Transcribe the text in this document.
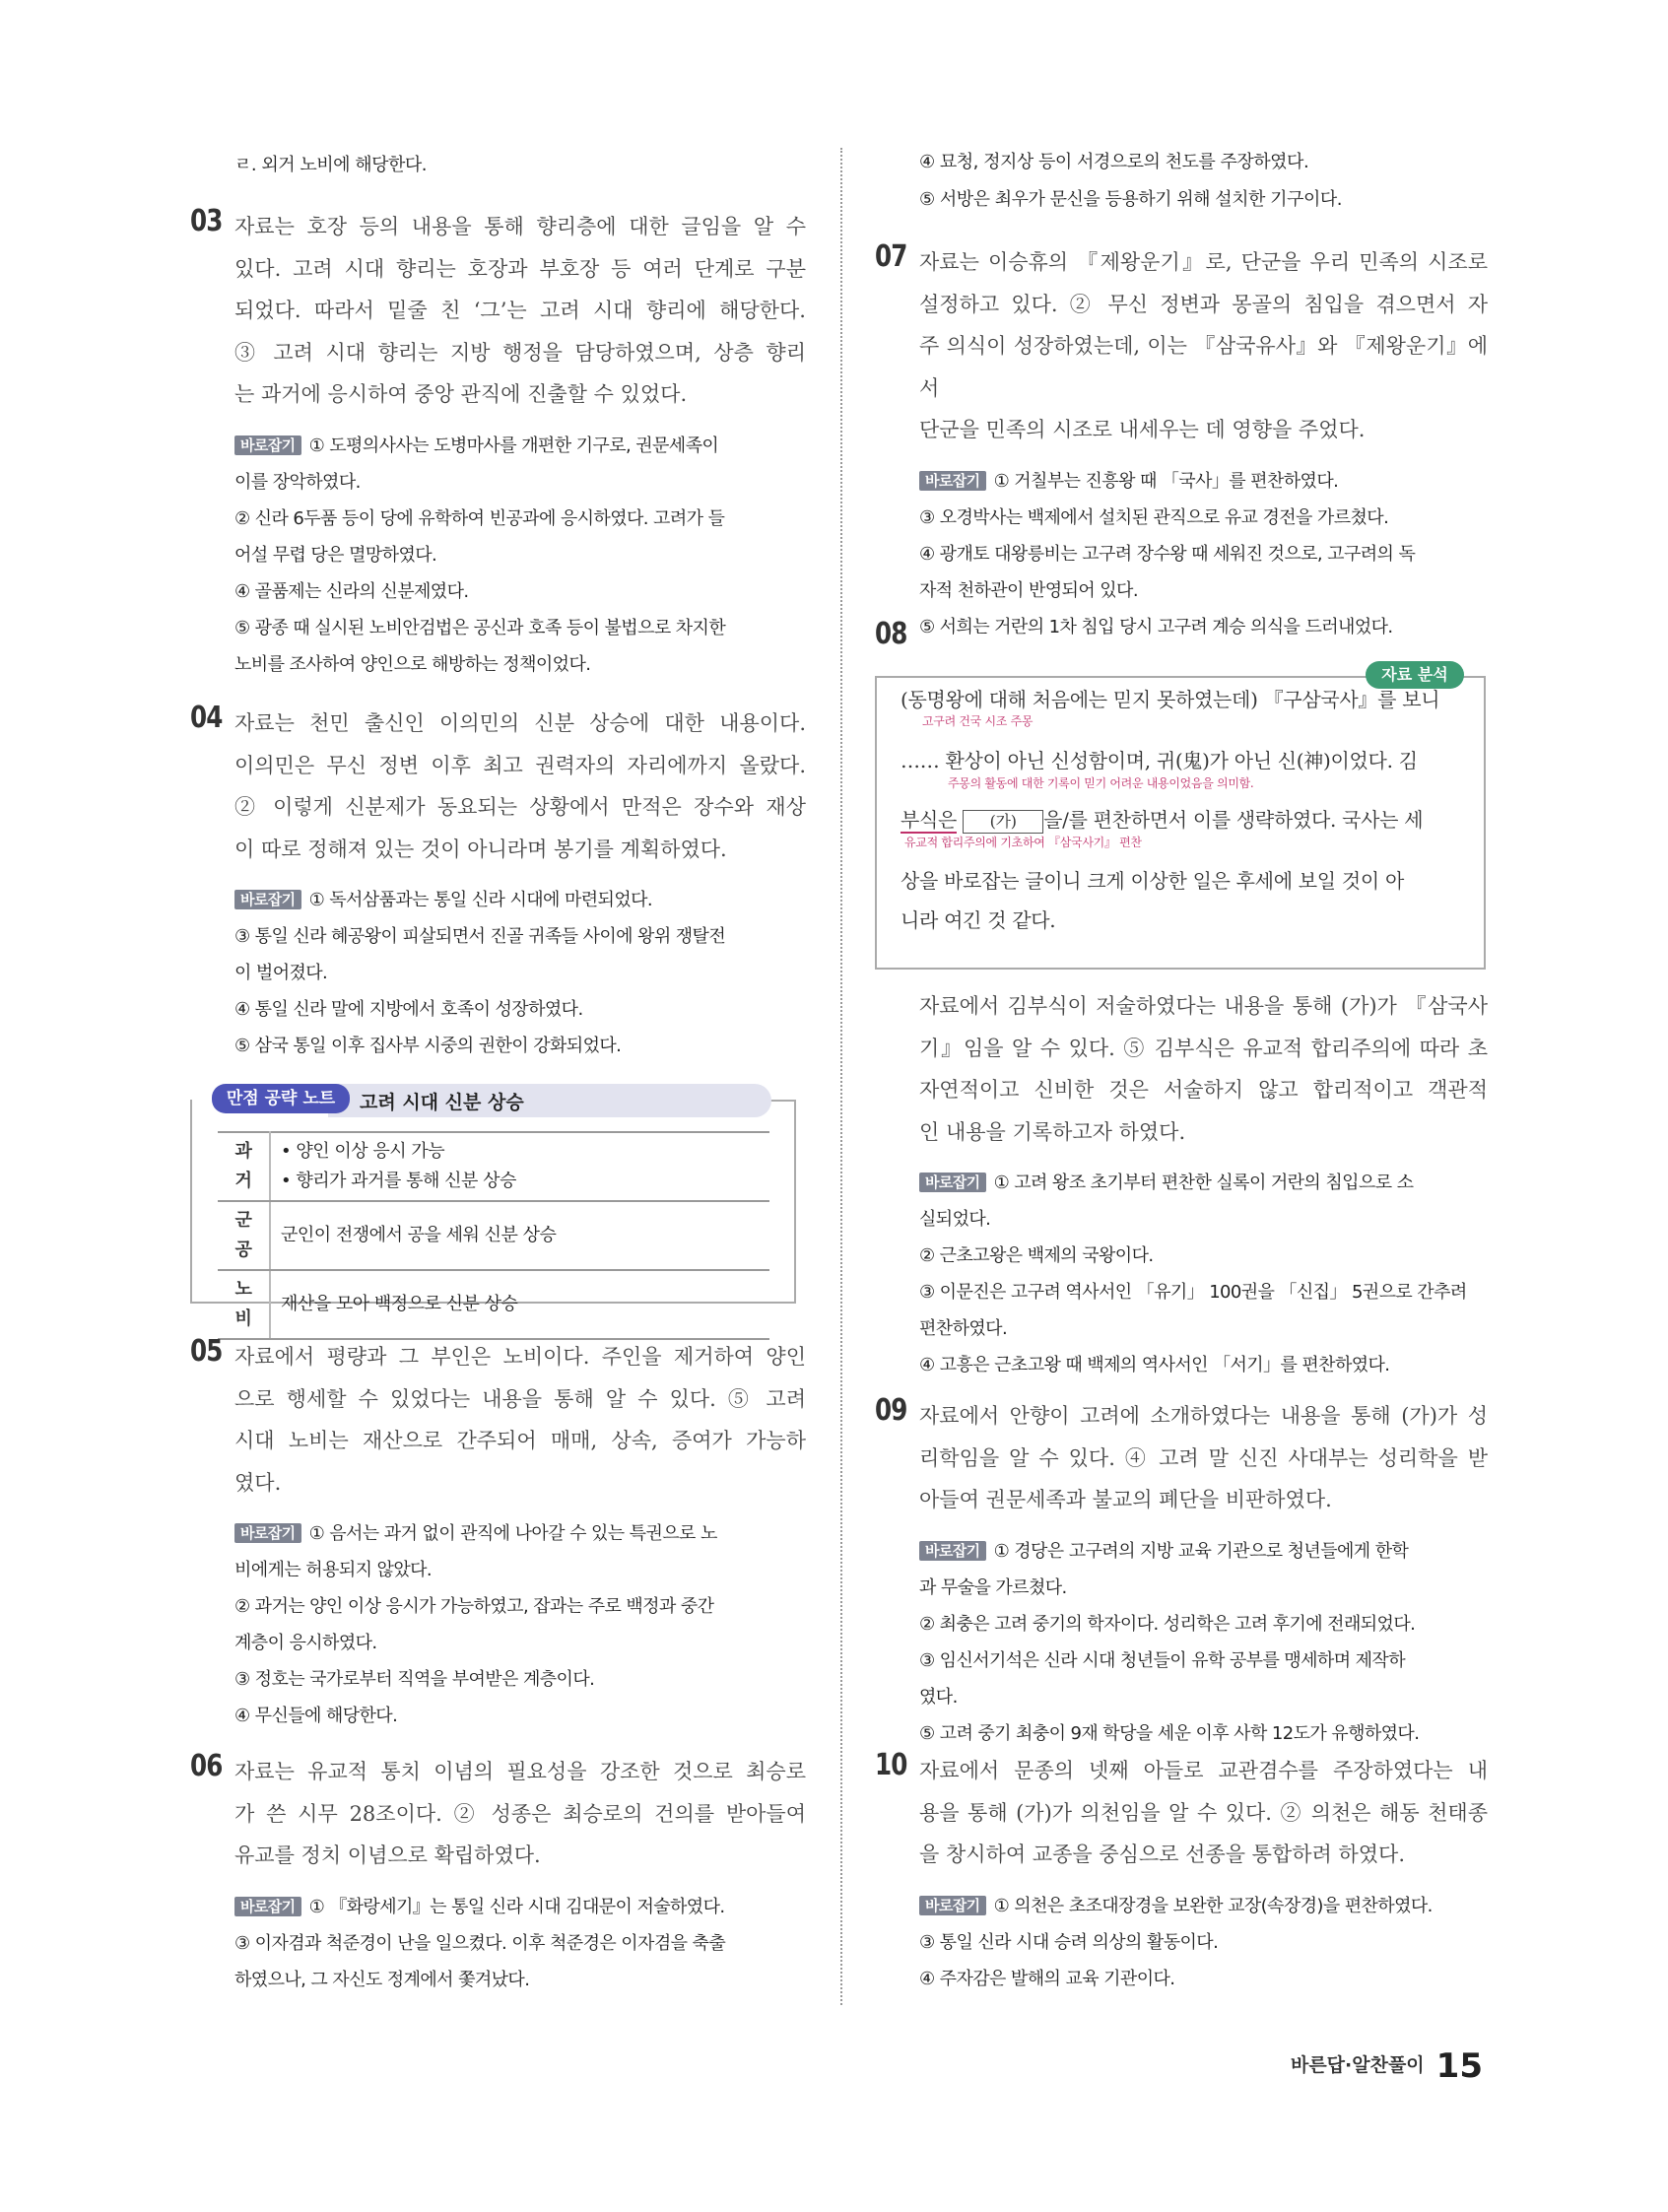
ㄹ. 외거 노비에 해당한다.

03 자료는 호장 등의 내용을 통해 향리층에 대한 글임을 알 수

있다. 고려 시대 향리는 호장과 부호장 등 여러 단계로 구분

되었다. 따라서 밑줄 친 ‘그’는 고려 시대 향리에 해당한다.

③ 고려 시대 향리는 지방 행정을 담당하였으며, 상층 향리

는 과거에 응시하여 중앙 관직에 진출할 수 있었다.

바로잡기 ① 도평의사사는 도병마사를 개편한 기구로, 권문세족이

이를 장악하였다.

② 신라 6두품 등이 당에 유학하여 빈공과에 응시하였다. 고려가 들

어설 무렵 당은 멸망하였다.

④ 골품제는 신라의 신분제였다.

⑤ 광종 때 실시된 노비안검법은 공신과 호족 등이 불법으로 차지한

노비를 조사하여 양인으로 해방하는 정책이었다.

04 자료는 천민 출신인 이의민의 신분 상승에 대한 내용이다.

이의민은 무신 정변 이후 최고 권력자의 자리에까지 올랐다.

② 이렇게 신분제가 동요되는 상황에서 만적은 장수와 재상

이 따로 정해져 있는 것이 아니라며 봉기를 계획하였다.

바로잡기 ① 독서삼품과는 통일 신라 시대에 마련되었다.

③ 통일 신라 혜공왕이 피살되면서 진골 귀족들 사이에 왕위 쟁탈전

이 벌어졌다.

④ 통일 신라 말에 지방에서 호족이 성장하였다.

⑤ 삼국 통일 이후 집사부 시중의 권한이 강화되었다.

만점 공략 노트	고려 시대 신분 상승
과거	• 양인 이상 응시 가능
• 향리가 과거를 통해 신분 상승

군공	군인이 전쟁에서 공을 세워 신분 상승
노비	재산을 모아 백정으로 신분 상승
05 자료에서 평량과 그 부인은 노비이다. 주인을 제거하여 양인

으로 행세할 수 있었다는 내용을 통해 알 수 있다. ⑤ 고려

시대 노비는 재산으로 간주되어 매매, 상속, 증여가 가능하

였다.

바로잡기 ① 음서는 과거 없이 관직에 나아갈 수 있는 특권으로 노

비에게는 허용되지 않았다.

② 과거는 양인 이상 응시가 가능하였고, 잡과는 주로 백정과 중간

계층이 응시하였다.

③ 정호는 국가로부터 직역을 부여받은 계층이다.

④ 무신들에 해당한다.

06 자료는 유교적 통치 이념의 필요성을 강조한 것으로 최승로

가 쓴 시무 28조이다. ② 성종은 최승로의 건의를 받아들여

유교를 정치 이념으로 확립하였다.

바로잡기 ① 『화랑세기』는 통일 신라 시대 김대문이 저술하였다.

③ 이자겸과 척준경이 난을 일으켰다. 이후 척준경은 이자겸을 축출

하였으나, 그 자신도 정계에서 쫓겨났다.

④ 묘청, 정지상 등이 서경으로의 천도를 주장하였다.

⑤ 서방은 최우가 문신을 등용하기 위해 설치한 기구이다.

07 자료는 이승휴의 『제왕운기』로, 단군을 우리 민족의 시조로

설정하고 있다. ② 무신 정변과 몽골의 침입을 겪으면서 자

주 의식이 성장하였는데, 이는 『삼국유사』와 『제왕운기』에서

단군을 민족의 시조로 내세우는 데 영향을 주었다.

바로잡기 ① 거칠부는 진흥왕 때 「국사」를 편찬하였다.

③ 오경박사는 백제에서 설치된 관직으로 유교 경전을 가르쳤다.

④ 광개토 대왕릉비는 고구려 장수왕 때 세워진 것으로, 고구려의 독

자적 천하관이 반영되어 있다.

⑤ 서희는 거란의 1차 침입 당시 고구려 계승 의식을 드러내었다.

08
자료 분석
(동명왕에 대해 처음에는 믿지 못하였는데) 『구삼국사』를 보니
고구려 건국 시조 주몽
…… 환상이 아닌 신성함이며, 귀(鬼)가 아닌 신(神)이었다. 김
주몽의 활동에 대한 기록이 믿기 어려운 내용이었음을 의미함.
부식은 (가) 을/를 편찬하면서 이를 생략하였다. 국사는 세
유교적 합리주의에 기초하여 『삼국사기』 편찬
상을 바로잡는 글이니 크게 이상한 일은 후세에 보일 것이 아
니라 여긴 것 같다.

자료에서 김부식이 저술하였다는 내용을 통해 (가)가 『삼국사

기』임을 알 수 있다. ⑤ 김부식은 유교적 합리주의에 따라 초

자연적이고 신비한 것은 서술하지 않고 합리적이고 객관적

인 내용을 기록하고자 하였다.

바로잡기 ① 고려 왕조 초기부터 편찬한 실록이 거란의 침입으로 소

실되었다.

② 근초고왕은 백제의 국왕이다.

③ 이문진은 고구려 역사서인 「유기」 100권을 「신집」 5권으로 간추려

편찬하였다.

④ 고흥은 근초고왕 때 백제의 역사서인 「서기」를 편찬하였다.

09 자료에서 안향이 고려에 소개하였다는 내용을 통해 (가)가 성

리학임을 알 수 있다. ④ 고려 말 신진 사대부는 성리학을 받

아들여 권문세족과 불교의 폐단을 비판하였다.

바로잡기 ① 경당은 고구려의 지방 교육 기관으로 청년들에게 한학

과 무술을 가르쳤다.

② 최충은 고려 중기의 학자이다. 성리학은 고려 후기에 전래되었다.

③ 임신서기석은 신라 시대 청년들이 유학 공부를 맹세하며 제작하

였다.

⑤ 고려 중기 최충이 9재 학당을 세운 이후 사학 12도가 유행하였다.

10 자료에서 문종의 넷째 아들로 교관겸수를 주장하였다는 내

용을 통해 (가)가 의천임을 알 수 있다. ② 의천은 해동 천태종

을 창시하여 교종을 중심으로 선종을 통합하려 하였다.

바로잡기 ① 의천은 초조대장경을 보완한 교장(속장경)을 편찬하였다.

③ 통일 신라 시대 승려 의상의 활동이다.

④ 주자감은 발해의 교육 기관이다.

바른답·알찬풀이 15
